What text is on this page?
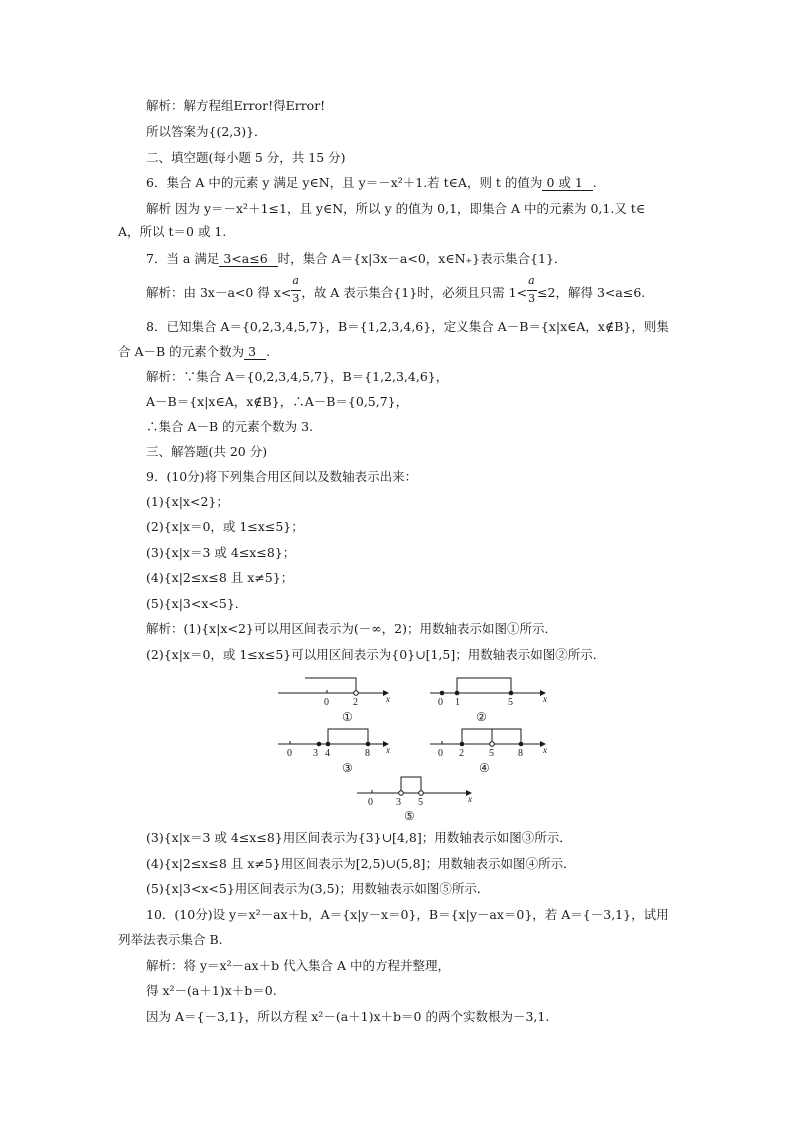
解析：解方程组Error!得Error!
所以答案为{(2,3)}．
二、填空题(每小题 5 分，共 15 分)
6．集合 A 中的元素 y 满足 y∈N，且 y＝－x²＋1.若 t∈A，则 t 的值为 0 或 1 .
解析 因为 y＝－x²＋1≤1，且 y∈N，所以 y 的值为 0,1，即集合 A 中的元素为 0,1.又 t∈
A，所以 t＝0 或 1.
7．当 a 满足 3<a≤6 时，集合 A＝{x|3x－a<0，x∈N₊}表示集合{1}．
解析：由 3x－a<0 得 $x< \frac{a}{3}$ ，故 A 表示集合{1}时，必须且只需 $1< \frac{a}{3} \le 2$，解得 3<a≤6.
8．已知集合 A＝{0,2,3,4,5,7}，B＝{1,2,3,4,6}，定义集合 A－B＝{x|x∈A，x∉B}，则集
合 A－B 的元素个数为 3 .
解析：∵集合 A＝{0,2,3,4,5,7}，B＝{1,2,3,4,6}，
A－B＝{x|x∈A，x∉B}，∴A－B＝{0,5,7}，
∴集合 A－B 的元素个数为 3.
三、解答题(共 20 分)
9．(10分)将下列集合用区间以及数轴表示出来：
(1){x|x<2}；
(2){x|x＝0，或 1≤x≤5}；
(3){x|x＝3 或 4≤x≤8}；
(4){x|2≤x≤8 且 x≠5}；
(5){x|3<x<5}．
解析：(1){x|x<2}可以用区间表示为(－∞，2)；用数轴表示如图①所示．
(2){x|x＝0，或 1≤x≤5}可以用区间表示为{0}∪[1,5]；用数轴表示如图②所示．
0 2	x
①
0 1	5	x
②
0 3 4	8 x
③
0 2	5 8 x
④
0 3 5	x
⑤
(3){x|x＝3 或 4≤x≤8}用区间表示为{3}∪[4,8]；用数轴表示如图③所示．
(4){x|2≤x≤8 且 x≠5}用区间表示为[2,5)∪(5,8]；用数轴表示如图④所示．
(5){x|3<x<5}用区间表示为(3,5)；用数轴表示如图⑤所示．
10．(10分)设 y＝x²－ax＋b，A＝{x|y－x＝0}，B＝{x|y－ax＝0}，若 A＝{－3,1}，试用
列举法表示集合 B.
解析：将 y＝x²－ax＋b 代入集合 A 中的方程并整理，
得 x²－(a＋1)x＋b＝0.
因为 A＝{－3,1}，所以方程 x²－(a＋1)x＋b＝0 的两个实数根为－3,1.
